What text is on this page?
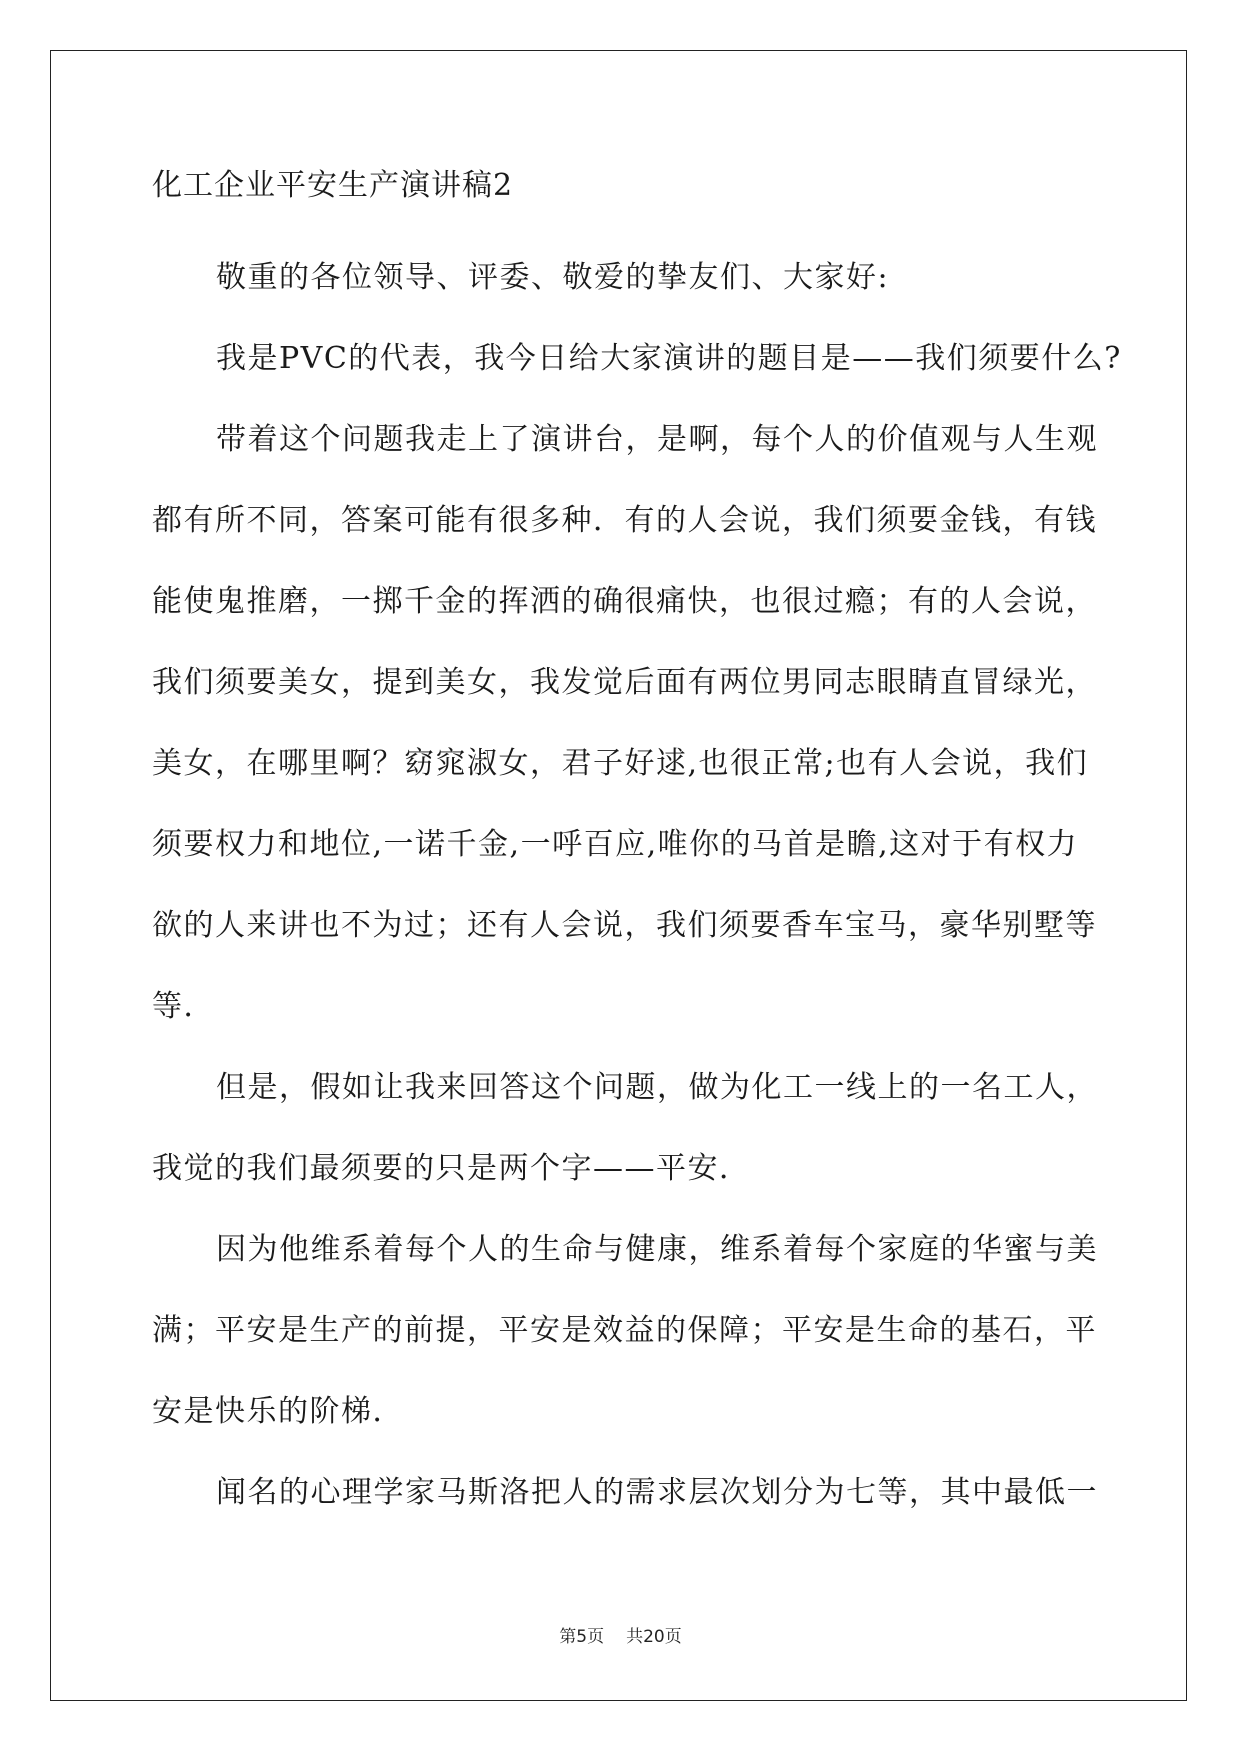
化工企业平安生产演讲稿2

敬重的各位领导、评委、敬爱的挚友们、大家好:

我是PVC的代表，我今日给大家演讲的题目是——我们须要什么?

带着这个问题我走上了演讲台，是啊，每个人的价值观与人生观
都有所不同，答案可能有很多种．有的人会说，我们须要金钱，有钱
能使鬼推磨，一掷千金的挥洒的确很痛快，也很过瘾；有的人会说，
我们须要美女，提到美女，我发觉后面有两位男同志眼睛直冒绿光，
美女，在哪里啊？窈窕淑女，君子好逑,也很正常;也有人会说，我们
须要权力和地位,一诺千金,一呼百应,唯你的马首是瞻,这对于有权力
欲的人来讲也不为过；还有人会说，我们须要香车宝马，豪华别墅等
等．

但是，假如让我来回答这个问题，做为化工一线上的一名工人，
我觉的我们最须要的只是两个字——平安．

因为他维系着每个人的生命与健康，维系着每个家庭的华蜜与美
满；平安是生产的前提，平安是效益的保障；平安是生命的基石，平
安是快乐的阶梯．

闻名的心理学家马斯洛把人的需求层次划分为七等，其中最低一

第5页 共20页
